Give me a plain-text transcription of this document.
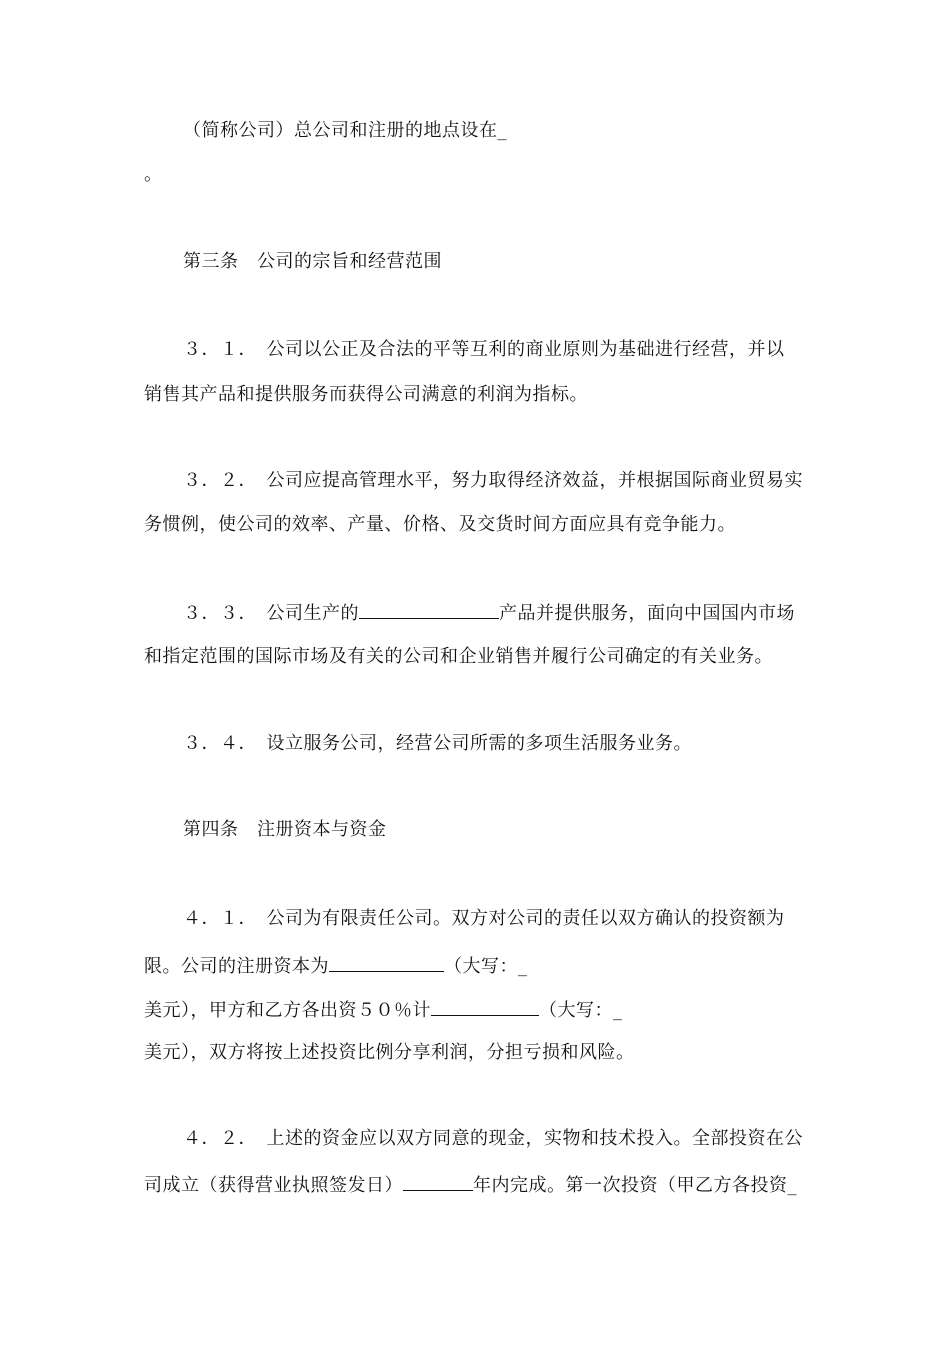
（简称公司）总公司和注册的地点设在_
。
第三条　公司的宗旨和经营范围
３．１．　公司以公正及合法的平等互利的商业原则为基础进行经营，并以
销售其产品和提供服务而获得公司满意的利润为指标。
３．２．　公司应提高管理水平，努力取得经济效益，并根据国际商业贸易实
务惯例，使公司的效率、产量、价格、及交货时间方面应具有竞争能力。
３．３．　公司生产的	产品并提供服务，面向中国国内市场
和指定范围的国际市场及有关的公司和企业销售并履行公司确定的有关业务。
３．４．　设立服务公司，经营公司所需的多项生活服务业务。
第四条　注册资本与资金
４．１．　公司为有限责任公司。双方对公司的责任以双方确认的投资额为
限。公司的注册资本为	（大写：_
美元），甲方和乙方各出资５０％计	（大写：_
美元），双方将按上述投资比例分享利润，分担亏损和风险。
４．２．　上述的资金应以双方同意的现金，实物和技术投入。全部投资在公
司成立（获得营业执照签发日）	年内完成。第一次投资（甲乙方各投资_
